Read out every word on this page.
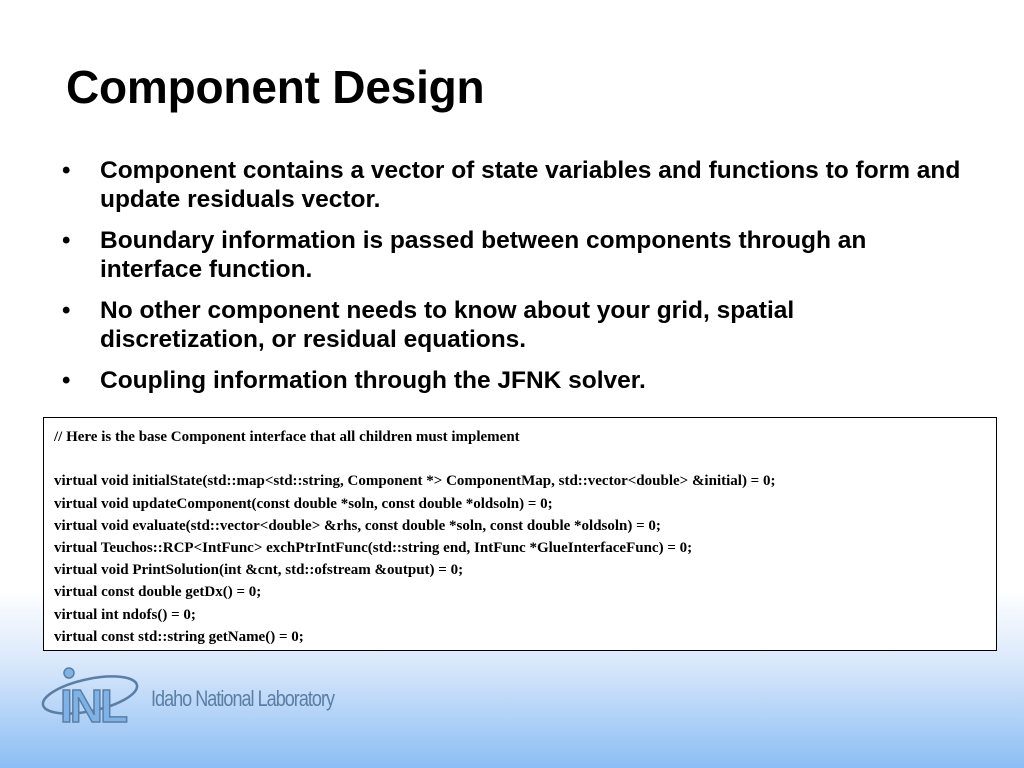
Component Design
• Component contains a vector of state variables and functions to form and update residuals vector.
• Boundary information is passed between components through an interface function.
• No other component needs to know about your grid, spatial discretization, or residual equations.
• Coupling information through the JFNK solver.
// Here is the base Component interface that all children must implement
virtual void initialState(std::map<std::string, Component *> ComponentMap, std::vector<double> &initial) = 0;
virtual void updateComponent(const double *soln, const double *oldsoln) = 0;
virtual void evaluate(std::vector<double> &rhs, const double *soln, const double *oldsoln) = 0;
virtual Teuchos::RCP<IntFunc> exchPtrIntFunc(std::string end, IntFunc *GlueInterfaceFunc) = 0;
virtual void PrintSolution(int &cnt, std::ofstream &output) = 0;
virtual const double getDx() = 0;
virtual int ndofs() = 0;
virtual const std::string getName() = 0;
INL Idaho National Laboratory
